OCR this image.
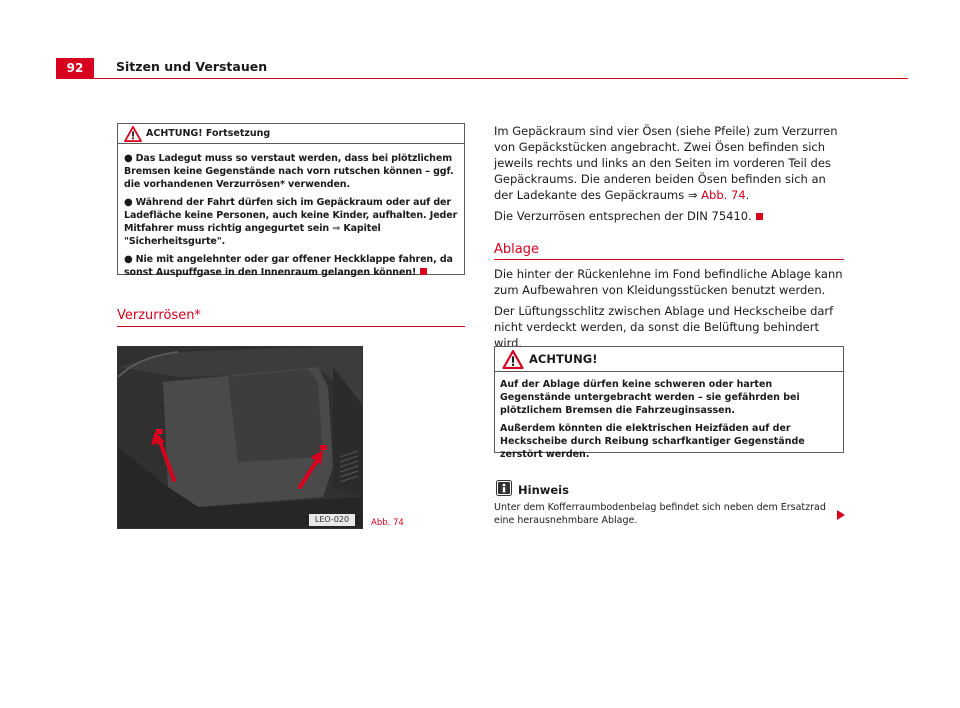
92	Sitzen und Verstauen
ACHTUNG! Fortsetzung

● Das Ladegut muss so verstaut werden, dass bei plötzlichem Bremsen keine Gegenstände nach vorn rutschen können – ggf. die vorhandenen Verzurrösen* verwenden.

● Während der Fahrt dürfen sich im Gepäckraum oder auf der Ladefläche keine Personen, auch keine Kinder, aufhalten. Jeder Mitfahrer muss richtig angegurtet sein ⇒ Kapitel "Sicherheitsgurte".

● Nie mit angelehnter oder gar offener Heckklappe fahren, da sonst Auspuffgase in den Innenraum gelangen können!

Verzurrösen*
LEO-020	Abb. 74

Im Gepäckraum sind vier Ösen (siehe Pfeile) zum Verzurren von Gepäckstücken angebracht. Zwei Ösen befinden sich jeweils rechts und links an den Seiten im vorderen Teil des Gepäckraums. Die anderen beiden Ösen befinden sich an der Ladekante des Gepäckraums ⇒ Abb. 74.

Die Verzurrösen entsprechen der DIN 75410.

Ablage

Die hinter der Rückenlehne im Fond befindliche Ablage kann zum Aufbewahren von Kleidungsstücken benutzt werden.

Der Lüftungsschlitz zwischen Ablage und Heckscheibe darf nicht verdeckt werden, da sonst die Belüftung behindert wird.

ACHTUNG!

Auf der Ablage dürfen keine schweren oder harten Gegenstände untergebracht werden – sie gefährden bei plötzlichem Bremsen die Fahrzeuginsassen.

Außerdem könnten die elektrischen Heizfäden auf der Heckscheibe durch Reibung scharfkantiger Gegenstände zerstört werden.

Hinweis
Unter dem Kofferraumbodenbelag befindet sich neben dem Ersatzrad eine herausnehmbare Ablage.
